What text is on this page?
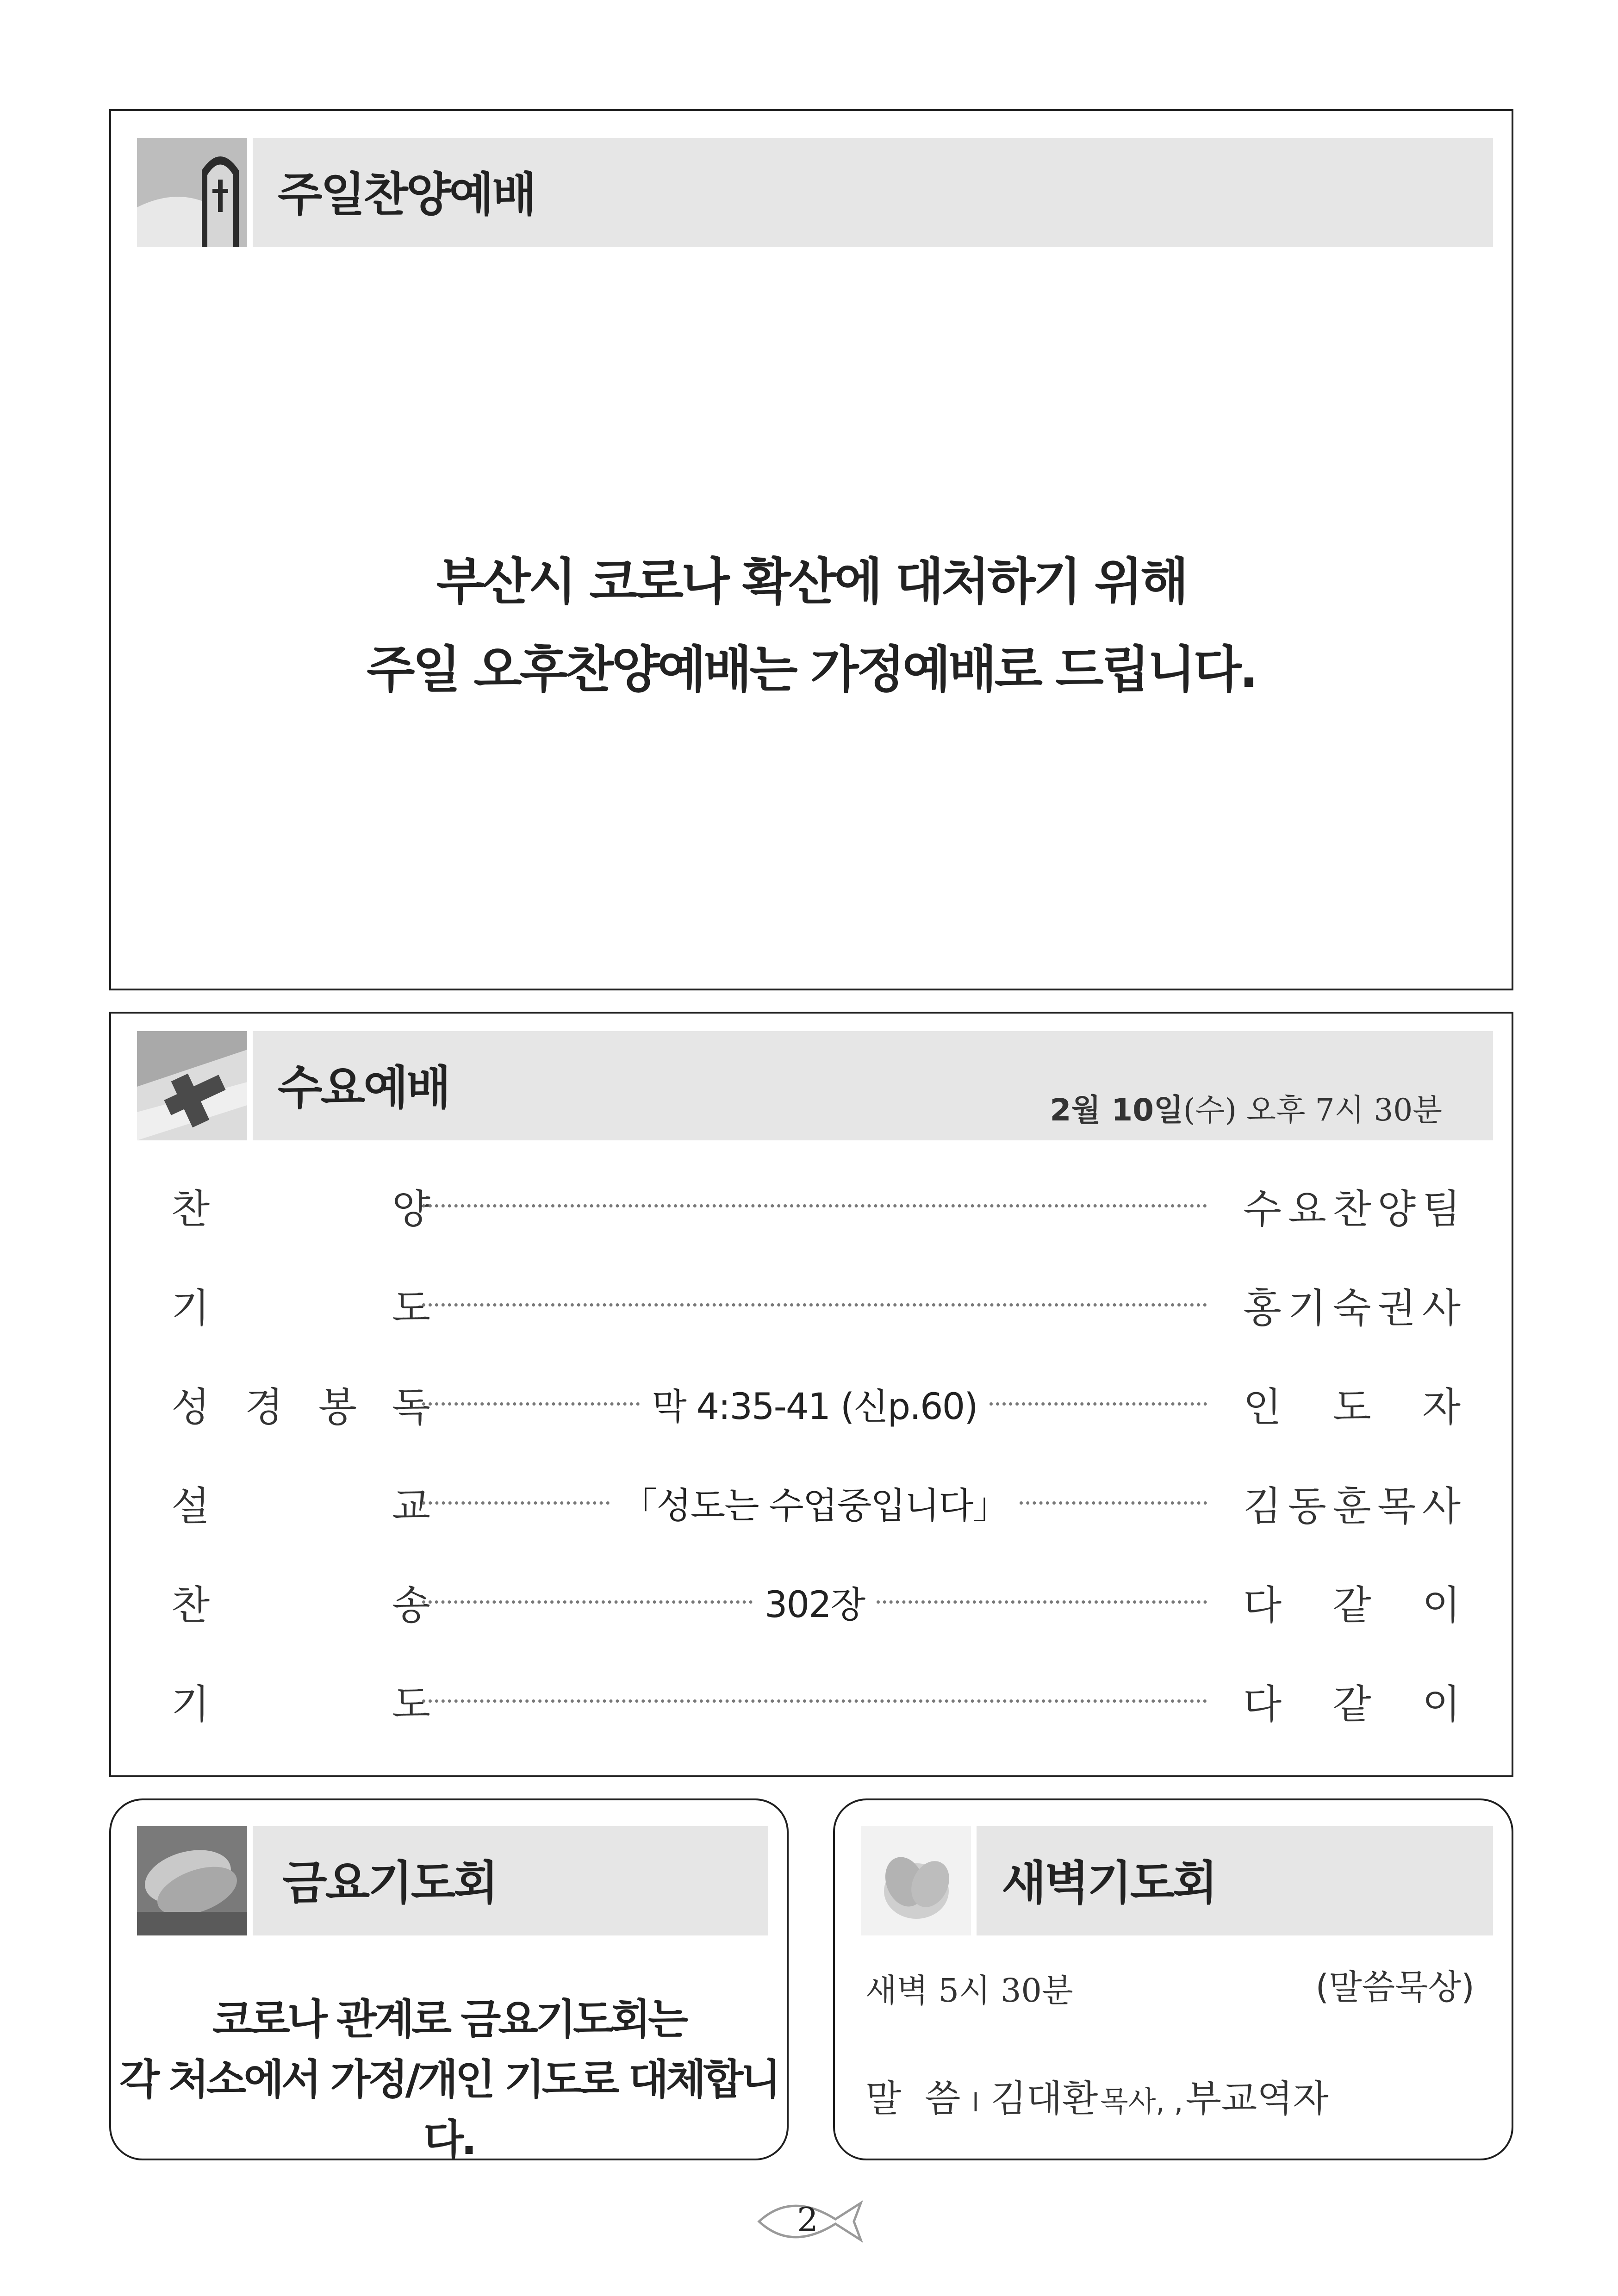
주일찬양예배
부산시 코로나 확산에 대처하기 위해
주일 오후찬양예배는 가정예배로 드립니다.
수요예배	2월 10일(수) 오후 7시 30분
찬	양	수 요 찬 양 팀
기	도	홍 기 숙 권 사
성 경 봉 독	막 4:35-41 (신p.60)	인 도 자
설	교	「성도는 수업중입니다」	김 동 훈 목 사
찬	송	302장	다 같 이
기	도	다 같 이
금요기도회
코로나 관계로 금요기도회는
각 처소에서 가정/개인 기도로 대체합니다.
새벽기도회
새벽 5시 30분	(말씀묵상)
말  씀 l 김대환 목사, , 부교역자
2
